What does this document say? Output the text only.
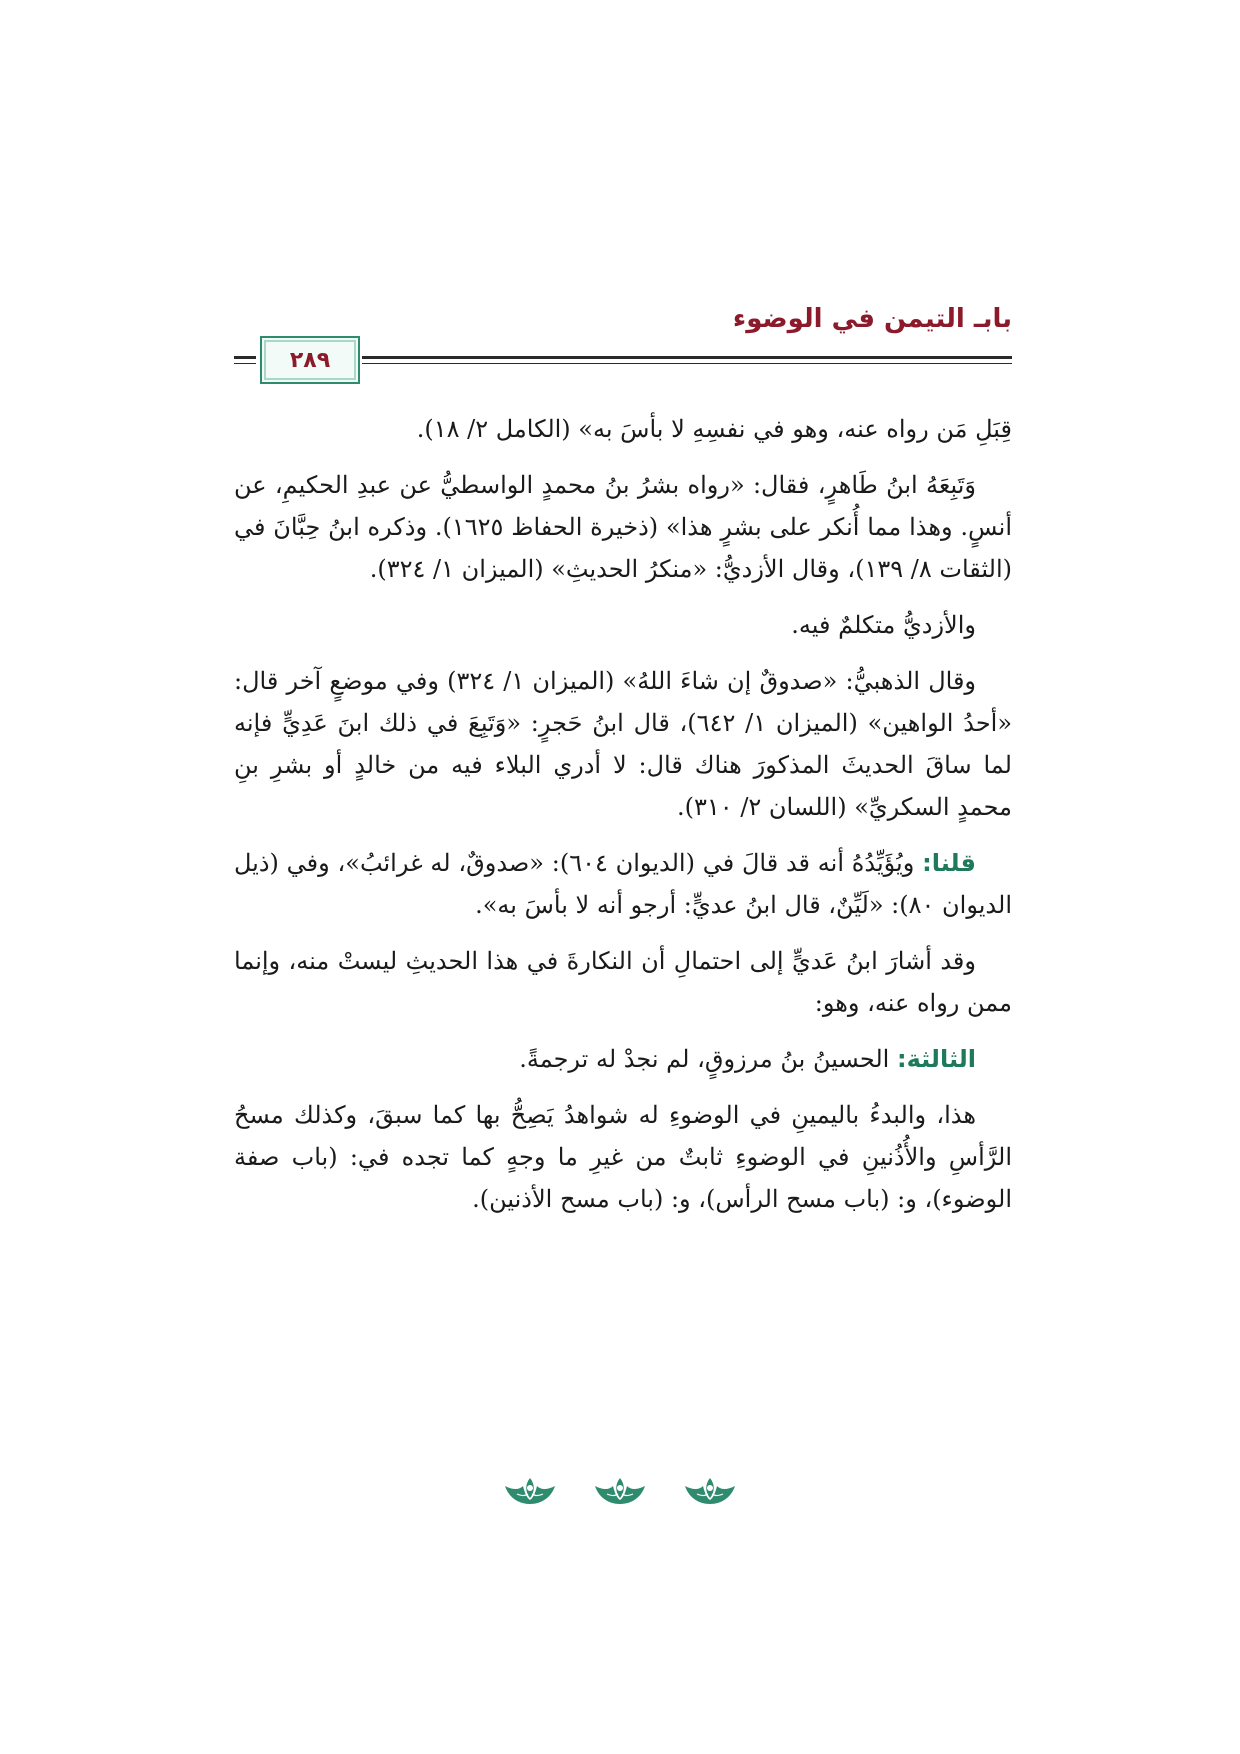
بابـ التيمن في الوضوء
٢٨٩

قِبَلِ مَن رواه عنه، وهو في نفسِهِ لا بأسَ به» (الكامل ٢/ ١٨).

وَتَبِعَهُ ابنُ طَاهرٍ، فقال: «رواه بشرُ بنُ محمدٍ الواسطيُّ عن عبدِ الحكيمِ، عن أنسٍ. وهذا مما أُنكر على بشرٍ هذا» (ذخيرة الحفاظ ١٦٢٥). وذكره ابنُ حِبَّانَ في (الثقات ٨/ ١٣٩)، وقال الأزديُّ: «منكرُ الحديثِ» (الميزان ١/ ٣٢٤).

والأزديُّ متكلمٌ فيه.

وقال الذهبيُّ: «صدوقٌ إن شاءَ اللهُ» (الميزان ١/ ٣٢٤) وفي موضعٍ آخر قال: «أحدُ الواهين» (الميزان ١/ ٦٤٢)، قال ابنُ حَجرٍ: «وَتَبِعَ في ذلك ابنَ عَدِيٍّ فإنه لما ساقَ الحديثَ المذكورَ هناك قال: لا أدري البلاء فيه من خالدٍ أو بشرِ بنِ محمدٍ السكريِّ» (اللسان ٢/ ٣١٠).

قلنا: ويُؤَيِّدُهُ أنه قد قالَ في (الديوان ٦٠٤): «صدوقٌ، له غرائبُ»، وفي (ذيل الديوان ٨٠): «لَيِّنٌ، قال ابنُ عديٍّ: أرجو أنه لا بأسَ به».

وقد أشارَ ابنُ عَديٍّ إلى احتمالِ أن النكارةَ في هذا الحديثِ ليستْ منه، وإنما ممن رواه عنه، وهو:

الثالثة: الحسينُ بنُ مرزوقٍ، لم نجدْ له ترجمةً.

هذا، والبدءُ باليمينِ في الوضوءِ له شواهدُ يَصِحُّ بها كما سبقَ، وكذلك مسحُ الرَّأسِ والأُذُنينِ في الوضوءِ ثابتٌ من غيرِ ما وجهٍ كما تجده في: (باب صفة الوضوء)، و: (باب مسح الرأس)، و: (باب مسح الأذنين).
